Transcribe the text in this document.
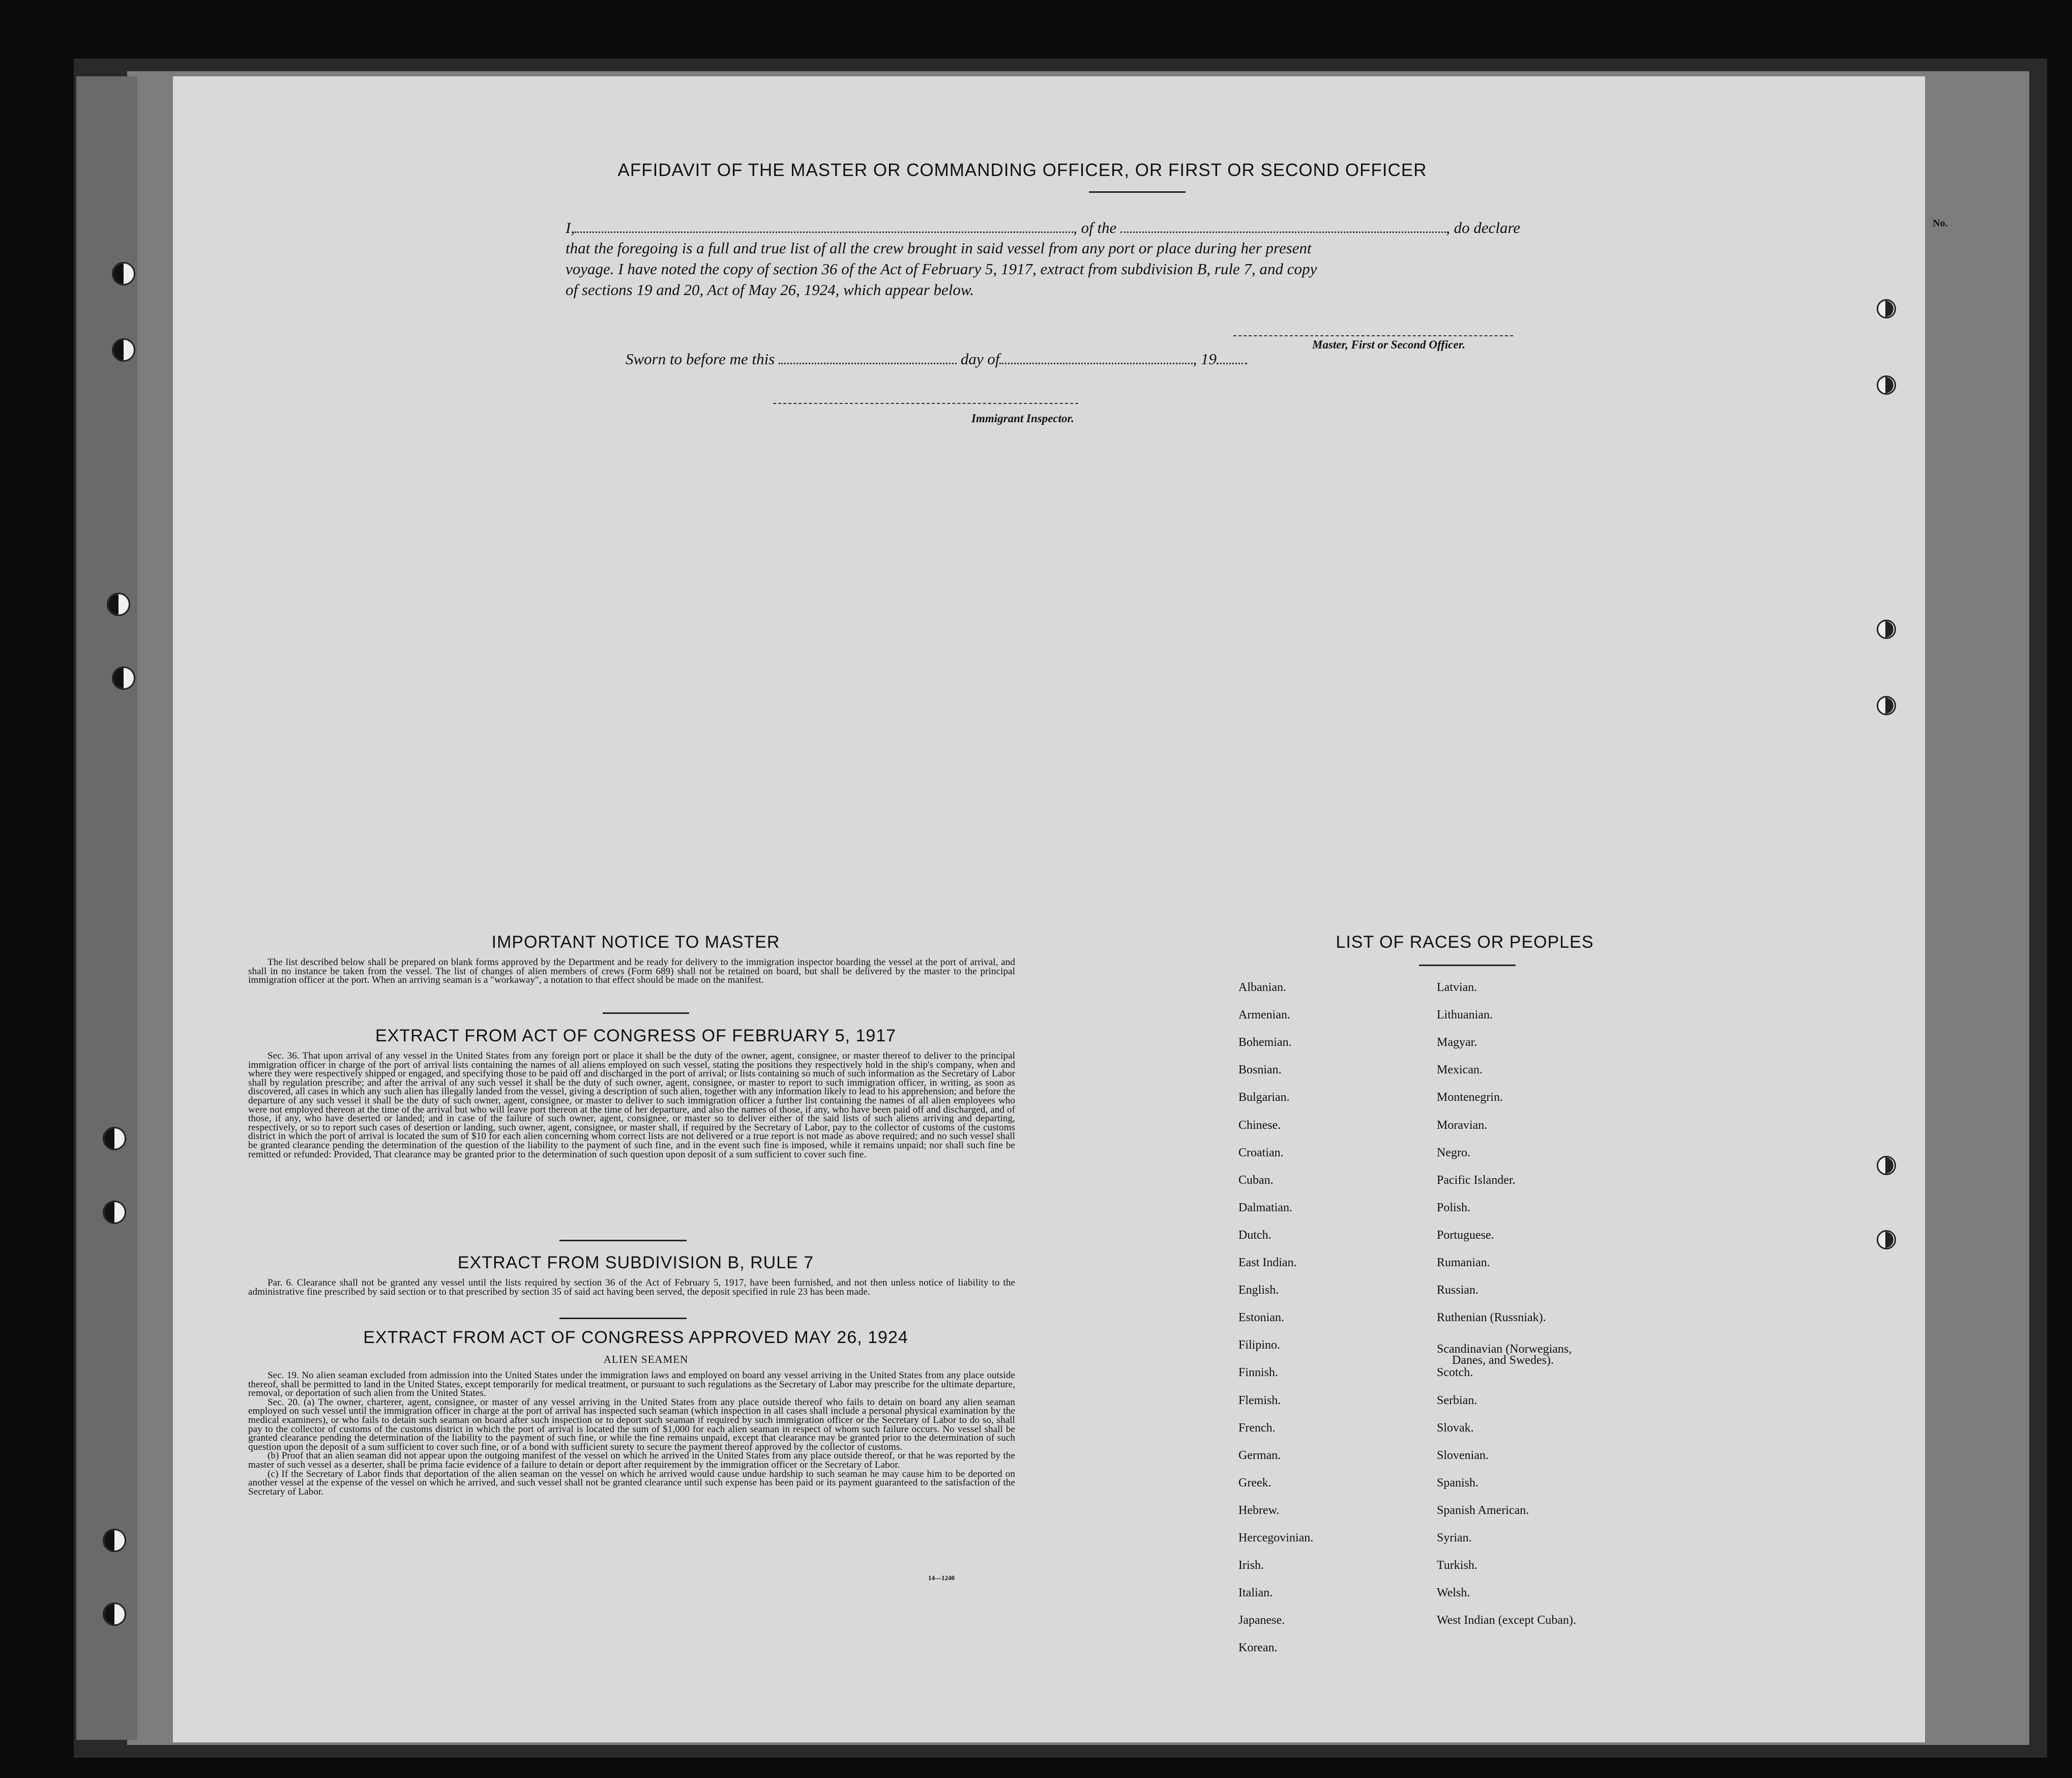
No.
AFFIDAVIT OF THE MASTER OR COMMANDING OFFICER, OR FIRST OR SECOND OFFICER
I,	, of the	, do declare
that the foregoing is a full and true list of all the crew brought in said vessel from any port or place during her present
voyage. I have noted the copy of section 36 of the Act of February 5, 1917, extract from subdivision B, rule 7, and copy
of sections 19 and 20, Act of May 26, 1924, which appear below.
Master, First or Second Officer.
Sworn to before me this	day of	, 19
Immigrant Inspector.
IMPORTANT NOTICE TO MASTER

The list described below shall be prepared on blank forms approved by the Department and be ready for delivery to the immigration inspector boarding the vessel at the port of arrival, and shall in no instance be taken from the vessel. The list of changes of alien members of crews (Form 689) shall not be retained on board, but shall be delivered by the master to the principal immigration officer at the port. When an arriving seaman is a "workaway", a notation to that effect should be made on the manifest.

EXTRACT FROM ACT OF CONGRESS OF FEBRUARY 5, 1917

Sec. 36. That upon arrival of any vessel in the United States from any foreign port or place it shall be the duty of the owner, agent, consignee, or master thereof to deliver to the principal immigration officer in charge of the port of arrival lists containing the names of all aliens employed on such vessel, stating the positions they respectively hold in the ship's company, when and where they were respectively shipped or engaged, and specifying those to be paid off and discharged in the port of arrival; or lists containing so much of such information as the Secretary of Labor shall by regulation prescribe; and after the arrival of any such vessel it shall be the duty of such owner, agent, consignee, or master to report to such immigration officer, in writing, as soon as discovered, all cases in which any such alien has illegally landed from the vessel, giving a description of such alien, together with any information likely to lead to his apprehension; and before the departure of any such vessel it shall be the duty of such owner, agent, consignee, or master to deliver to such immigration officer a further list containing the names of all alien employees who were not employed thereon at the time of the arrival but who will leave port thereon at the time of her departure, and also the names of those, if any, who have been paid off and discharged, and of those, if any, who have deserted or landed; and in case of the failure of such owner, agent, consignee, or master so to deliver either of the said lists of such aliens arriving and departing, respectively, or so to report such cases of desertion or landing, such owner, agent, consignee, or master shall, if required by the Secretary of Labor, pay to the collector of customs of the customs district in which the port of arrival is located the sum of $10 for each alien concerning whom correct lists are not delivered or a true report is not made as above required; and no such vessel shall be granted clearance pending the determination of the question of the liability to the payment of such fine, and in the event such fine is imposed, while it remains unpaid; nor shall such fine be remitted or refunded: Provided, That clearance may be granted prior to the determination of such question upon deposit of a sum sufficient to cover such fine.

EXTRACT FROM SUBDIVISION B, RULE 7

Par. 6. Clearance shall not be granted any vessel until the lists required by section 36 of the Act of February 5, 1917, have been furnished, and not then unless notice of liability to the administrative fine prescribed by said section or to that prescribed by section 35 of said act having been served, the deposit specified in rule 23 has been made.

EXTRACT FROM ACT OF CONGRESS APPROVED MAY 26, 1924
ALIEN SEAMEN

Sec. 19. No alien seaman excluded from admission into the United States under the immigration laws and employed on board any vessel arriving in the United States from any place outside thereof, shall be permitted to land in the United States, except temporarily for medical treatment, or pursuant to such regulations as the Secretary of Labor may prescribe for the ultimate departure, removal, or deportation of such alien from the United States.

Sec. 20. (a) The owner, charterer, agent, consignee, or master of any vessel arriving in the United States from any place outside thereof who fails to detain on board any alien seaman employed on such vessel until the immigration officer in charge at the port of arrival has inspected such seaman (which inspection in all cases shall include a personal physical examination by the medical examiners), or who fails to detain such seaman on board after such inspection or to deport such seaman if required by such immigration officer or the Secretary of Labor to do so, shall pay to the collector of customs of the customs district in which the port of arrival is located the sum of $1,000 for each alien seaman in respect of whom such failure occurs. No vessel shall be granted clearance pending the determination of the liability to the payment of such fine, or while the fine remains unpaid, except that clearance may be granted prior to the determination of such question upon the deposit of a sum sufficient to cover such fine, or of a bond with sufficient surety to secure the payment thereof approved by the collector of customs.

(b) Proof that an alien seaman did not appear upon the outgoing manifest of the vessel on which he arrived in the United States from any place outside thereof, or that he was reported by the master of such vessel as a deserter, shall be prima facie evidence of a failure to detain or deport after requirement by the immigration officer or the Secretary of Labor.

(c) If the Secretary of Labor finds that deportation of the alien seaman on the vessel on which he arrived would cause undue hardship to such seaman he may cause him to be deported on another vessel at the expense of the vessel on which he arrived, and such vessel shall not be granted clearance until such expense has been paid or its payment guaranteed to the satisfaction of the Secretary of Labor.

14—1240
LIST OF RACES OR PEOPLES
Albanian.
Armenian.
Bohemian.
Bosnian.
Bulgarian.
Chinese.
Croatian.
Cuban.
Dalmatian.
Dutch.
East Indian.
English.
Estonian.
Filipino.
Finnish.
Flemish.
French.
German.
Greek.
Hebrew.
Hercegovinian.
Irish.
Italian.
Japanese.
Korean.
Latvian.
Lithuanian.
Magyar.
Mexican.
Montenegrin.
Moravian.
Negro.
Pacific Islander.
Polish.
Portuguese.
Rumanian.
Russian.
Ruthenian (Russniak).
Scandinavian (Norwegians,
Danes, and Swedes).
Scotch.
Serbian.
Slovak.
Slovenian.
Spanish.
Spanish American.
Syrian.
Turkish.
Welsh.
West Indian (except Cuban).
